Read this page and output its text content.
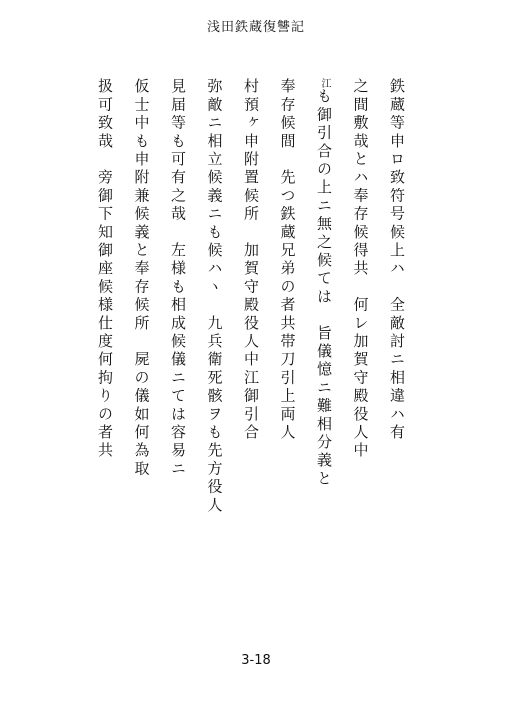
浅田鉄蔵復讐記
鉄蔵等申ロ致符号候上ハ　全敵討ニ相違ハ有
之間敷哉とハ奉存候得共　何レ加賀守殿役人中
江も御引合の上ニ無之候ては　旨儀憶ニ難相分義と
奉存候間　先つ鉄蔵兄弟の者共帯刀引上両人
村預ヶ申附置候所　加賀守殿役人中江御引合
弥敵ニ相立候義ニも候ハヽ　九兵衛死骸ヲも先方役人
見届等も可有之哉　左様も相成候儀ニては容易ニ
仮士中も申附兼候義と奉存候所　屍の儀如何為取
扱可致哉　旁御下知御座候様仕度何拘りの者共
3-18
